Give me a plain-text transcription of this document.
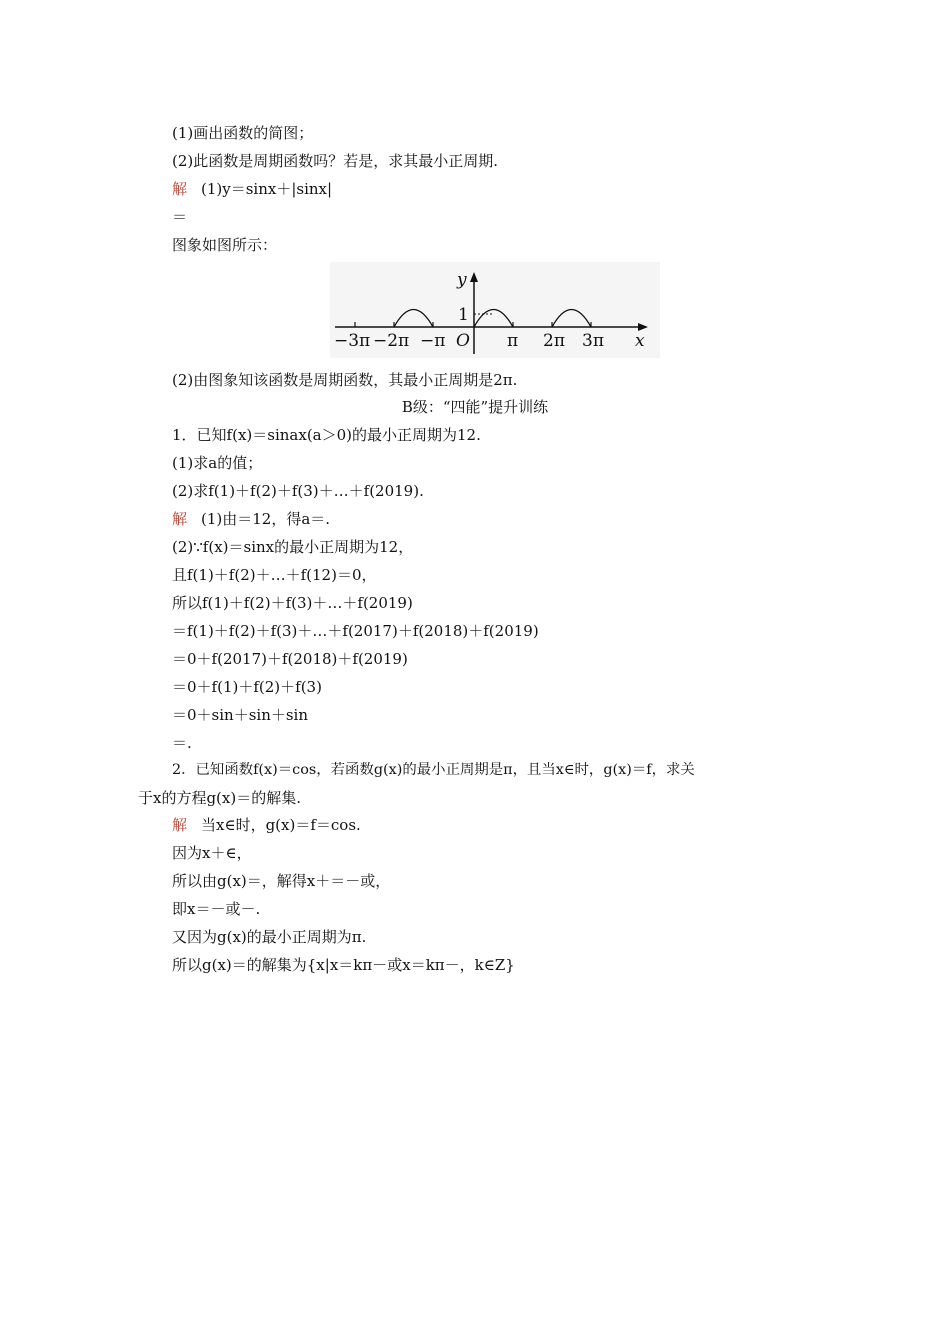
(1)画出函数的简图；
(2)此函数是周期函数吗？若是，求其最小正周期.
解 (1)y＝sinx＋|sinx|
＝
图象如图所示：
y
1
O	x
−3π −2π −π	π 2π 3π
(2)由图象知该函数是周期函数，其最小正周期是2π.
B级：“四能”提升训练
1．已知f(x)＝sinax(a＞0)的最小正周期为12.
(1)求a的值；
(2)求f(1)＋f(2)＋f(3)＋…＋f(2019).
解 (1)由＝12，得a＝.
(2)∵f(x)＝sinx的最小正周期为12，
且f(1)＋f(2)＋…＋f(12)＝0，
所以f(1)＋f(2)＋f(3)＋…＋f(2019)
＝f(1)＋f(2)＋f(3)＋…＋f(2017)＋f(2018)＋f(2019)
＝0＋f(2017)＋f(2018)＋f(2019)
＝0＋f(1)＋f(2)＋f(3)
＝0＋sin＋sin＋sin
＝.
2．已知函数f(x)＝cos，若函数g(x)的最小正周期是π，且当x∈时，g(x)＝f，求关
于x的方程g(x)＝的解集.
解 当x∈时，g(x)＝f＝cos.
因为x＋∈，
所以由g(x)＝，解得x＋＝－或，
即x＝－或－.
又因为g(x)的最小正周期为π.
所以g(x)＝的解集为{x|x＝kπ－或x＝kπ－，k∈Z}
